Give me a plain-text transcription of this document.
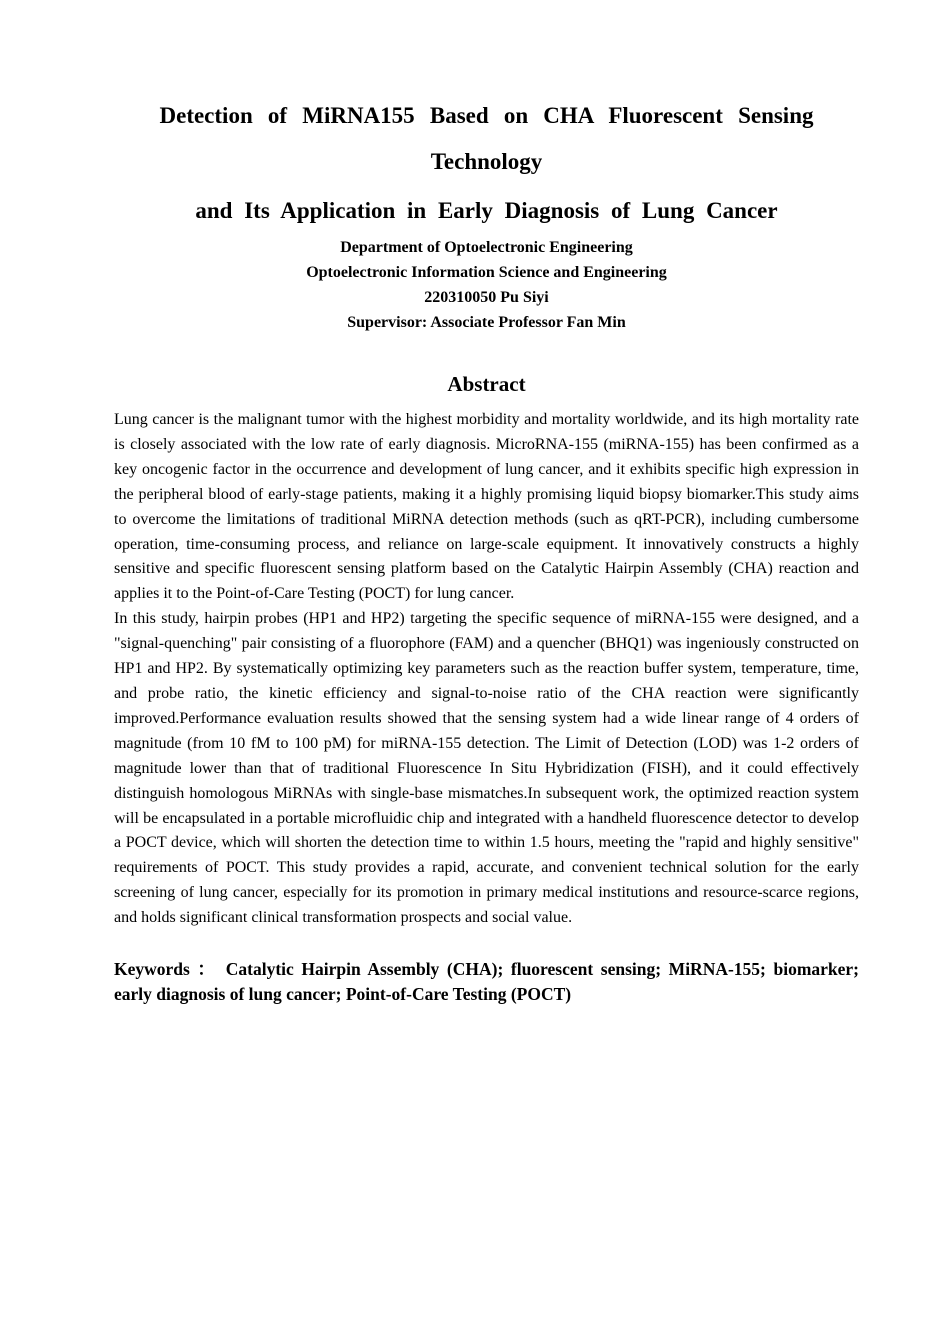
Detection of MiRNA155 Based on CHA Fluorescent Sensing
Technology
and Its Application in Early Diagnosis of Lung Cancer

Department of Optoelectronic Engineering

Optoelectronic Information Science and Engineering

220310050 Pu Siyi

Supervisor: Associate Professor Fan Min

Abstract

Lung cancer is the malignant tumor with the highest morbidity and mortality worldwide, and its high mortality rate is closely associated with the low rate of early diagnosis. MicroRNA-155 (miRNA-155) has been confirmed as a key oncogenic factor in the occurrence and development of lung cancer, and it exhibits specific high expression in the peripheral blood of early-stage patients, making it a highly promising liquid biopsy biomarker.This study aims to overcome the limitations of traditional MiRNA detection methods (such as qRT-PCR), including cumbersome operation, time-consuming process, and reliance on large-scale equipment. It innovatively constructs a highly sensitive and specific fluorescent sensing platform based on the Catalytic Hairpin Assembly (CHA) reaction and applies it to the Point-of-Care Testing (POCT) for lung cancer.

In this study, hairpin probes (HP1 and HP2) targeting the specific sequence of miRNA-155 were designed, and a "signal-quenching" pair consisting of a fluorophore (FAM) and a quencher (BHQ1) was ingeniously constructed on HP1 and HP2. By systematically optimizing key parameters such as the reaction buffer system, temperature, time, and probe ratio, the kinetic efficiency and signal-to-noise ratio of the CHA reaction were significantly improved.Performance evaluation results showed that the sensing system had a wide linear range of 4 orders of magnitude (from 10 fM to 100 pM) for miRNA-155 detection. The Limit of Detection (LOD) was 1-2 orders of magnitude lower than that of traditional Fluorescence In Situ Hybridization (FISH), and it could effectively distinguish homologous MiRNAs with single-base mismatches.In subsequent work, the optimized reaction system will be encapsulated in a portable microfluidic chip and integrated with a handheld fluorescence detector to develop a POCT device, which will shorten the detection time to within 1.5 hours, meeting the "rapid and highly sensitive" requirements of POCT. This study provides a rapid, accurate, and convenient technical solution for the early screening of lung cancer, especially for its promotion in primary medical institutions and resource-scarce regions, and holds significant clinical transformation prospects and social value.

Keywords ： Catalytic Hairpin Assembly (CHA); fluorescent sensing; MiRNA-155; biomarker; early diagnosis of lung cancer; Point-of-Care Testing (POCT)
